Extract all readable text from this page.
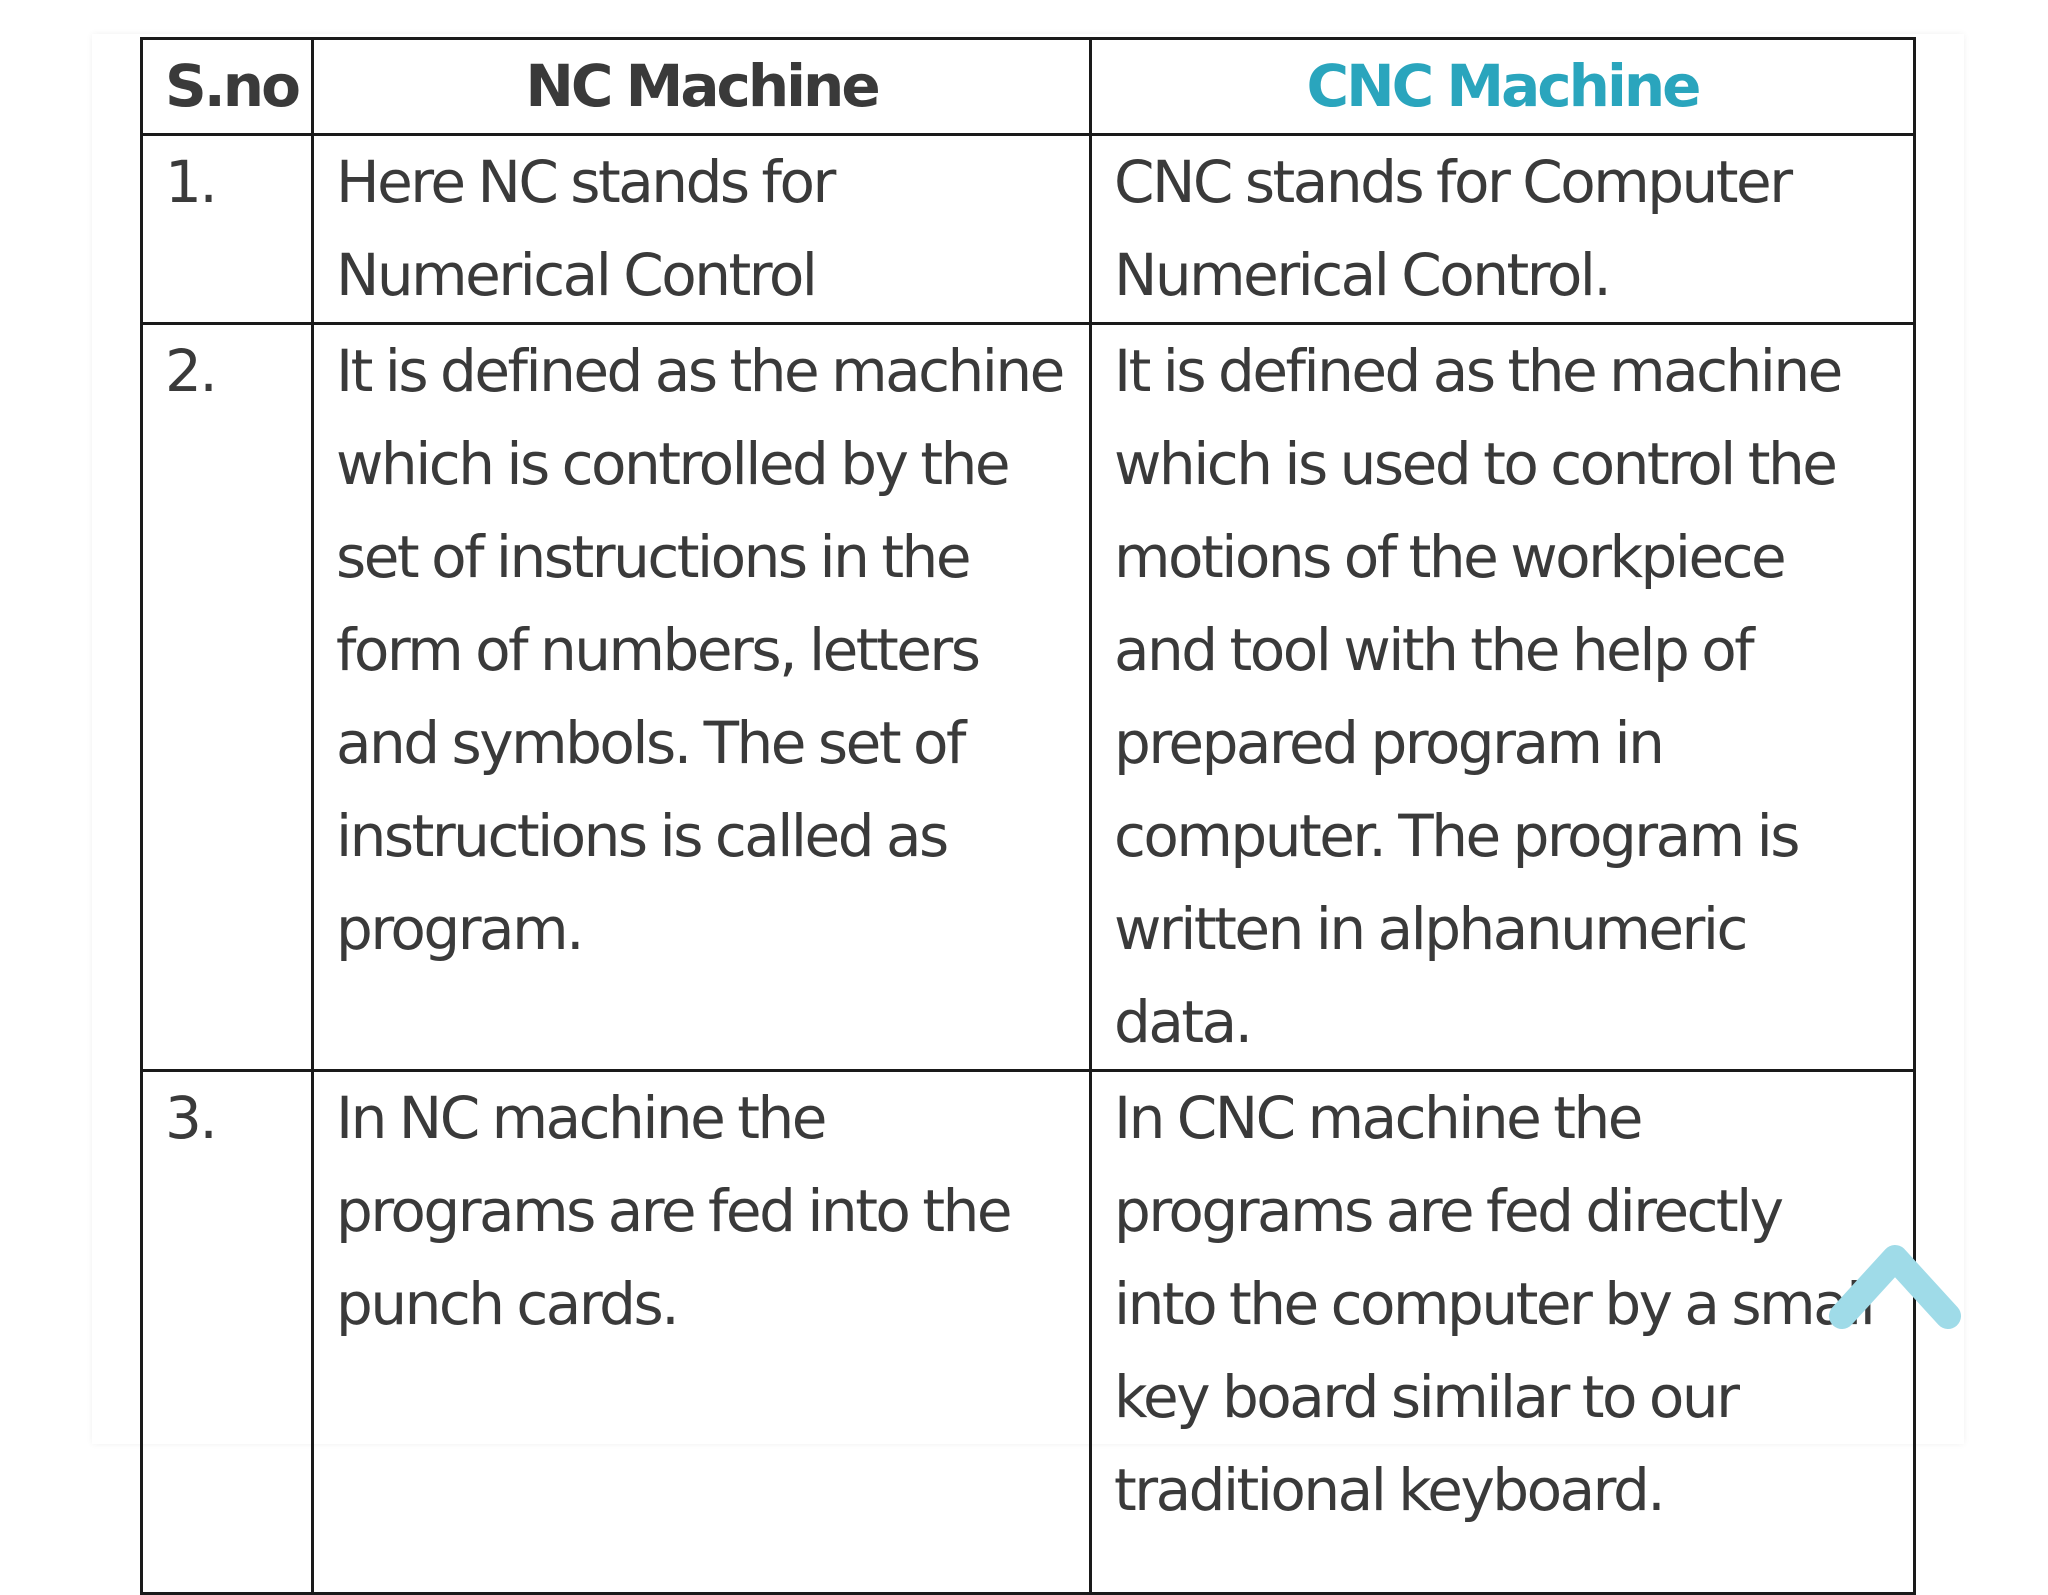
S.no	NC Machine	CNC Machine
1.	Here NC stands for Numerical Control	CNC stands for Computer Numerical Control.
2.	It is defined as the machine which is controlled by the set of instructions in the form of numbers, letters and symbols. The set of instructions is called as program.	It is defined as the machine which is used to control the motions of the workpiece and tool with the help of prepared program in computer. The program is written in alphanumeric data.
3.	In NC machine the programs are fed into the punch cards.	In CNC machine the programs are fed directly into the computer by a small key board similar to our traditional keyboard.
